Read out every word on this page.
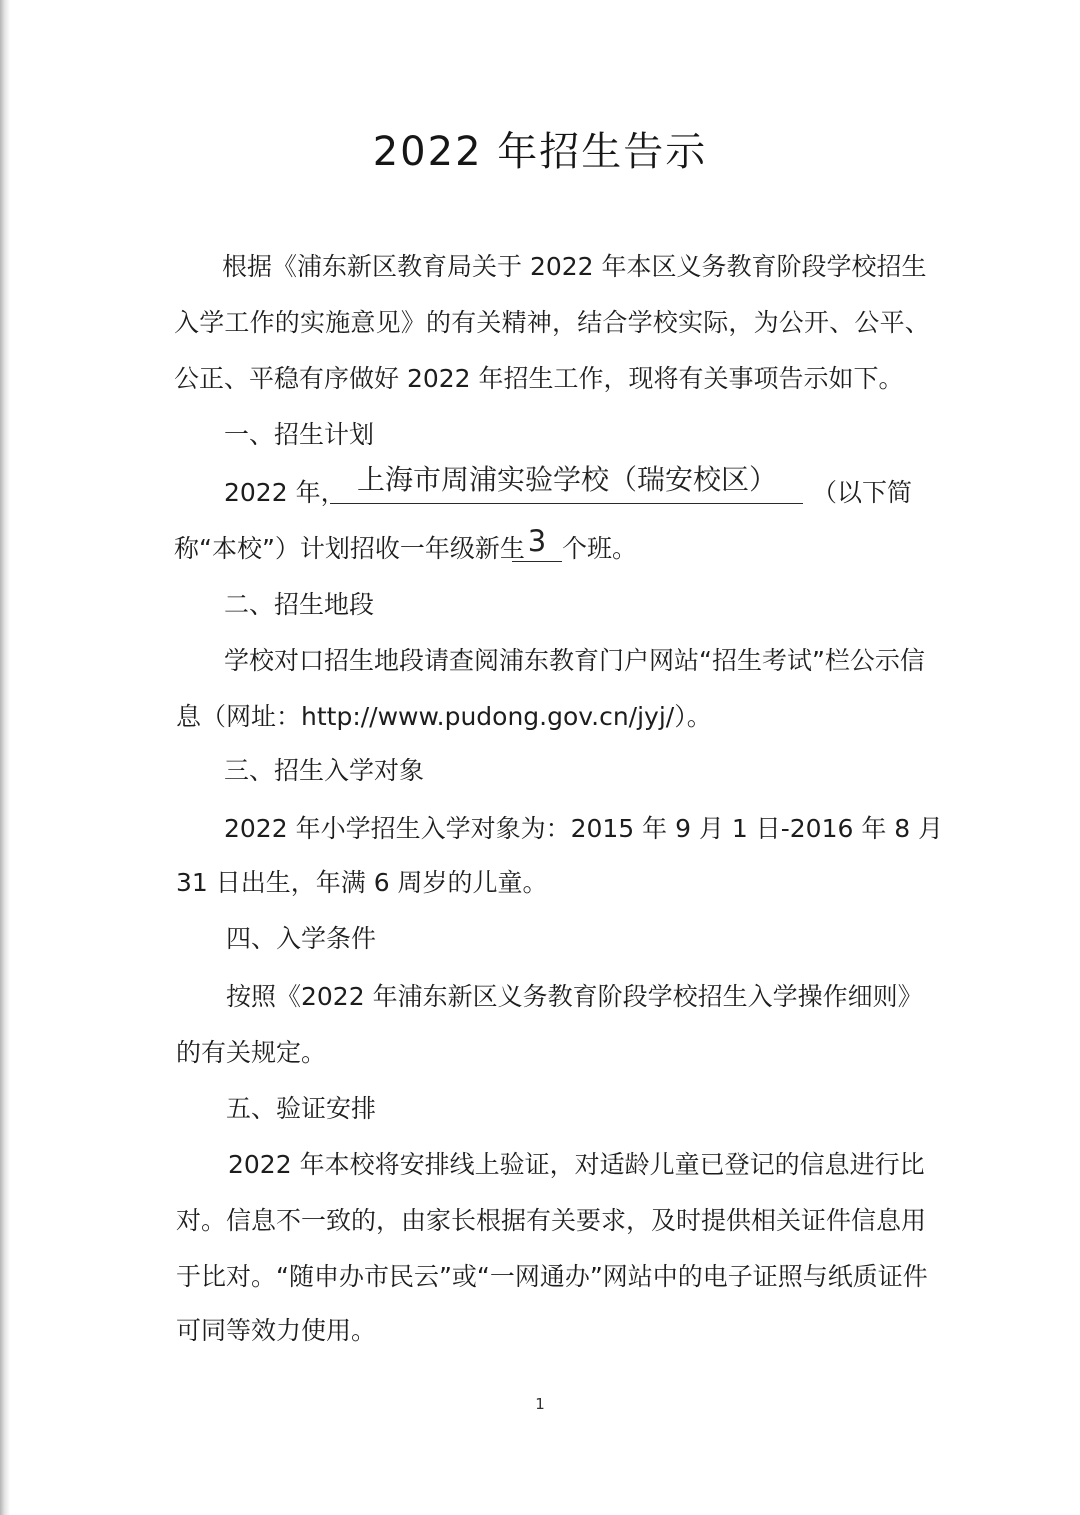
2022 年招生告示
根据《浦东新区教育局关于 2022 年本区义务教育阶段学校招生
入学工作的实施意见》的有关精神，结合学校实际，为公开、公平、
公正、平稳有序做好 2022 年招生工作，现将有关事项告示如下。
一、招生计划
2022 年， 上海市周浦实验学校（瑞安校区） （以下简
称“本校”）计划招收一年级新生 3 个班。
二、招生地段
学校对口招生地段请查阅浦东教育门户网站“招生考试”栏公示信
息（网址：http://www.pudong.gov.cn/jyj/）。
三、招生入学对象
2022 年小学招生入学对象为：2015 年 9 月 1 日-2016 年 8 月
31 日出生，年满 6 周岁的儿童。
四、入学条件
按照《2022 年浦东新区义务教育阶段学校招生入学操作细则》
的有关规定。
五、验证安排
2022 年本校将安排线上验证，对适龄儿童已登记的信息进行比
对。信息不一致的，由家长根据有关要求，及时提供相关证件信息用
于比对。“随申办市民云”或“一网通办”网站中的电子证照与纸质证件
可同等效力使用。
1
